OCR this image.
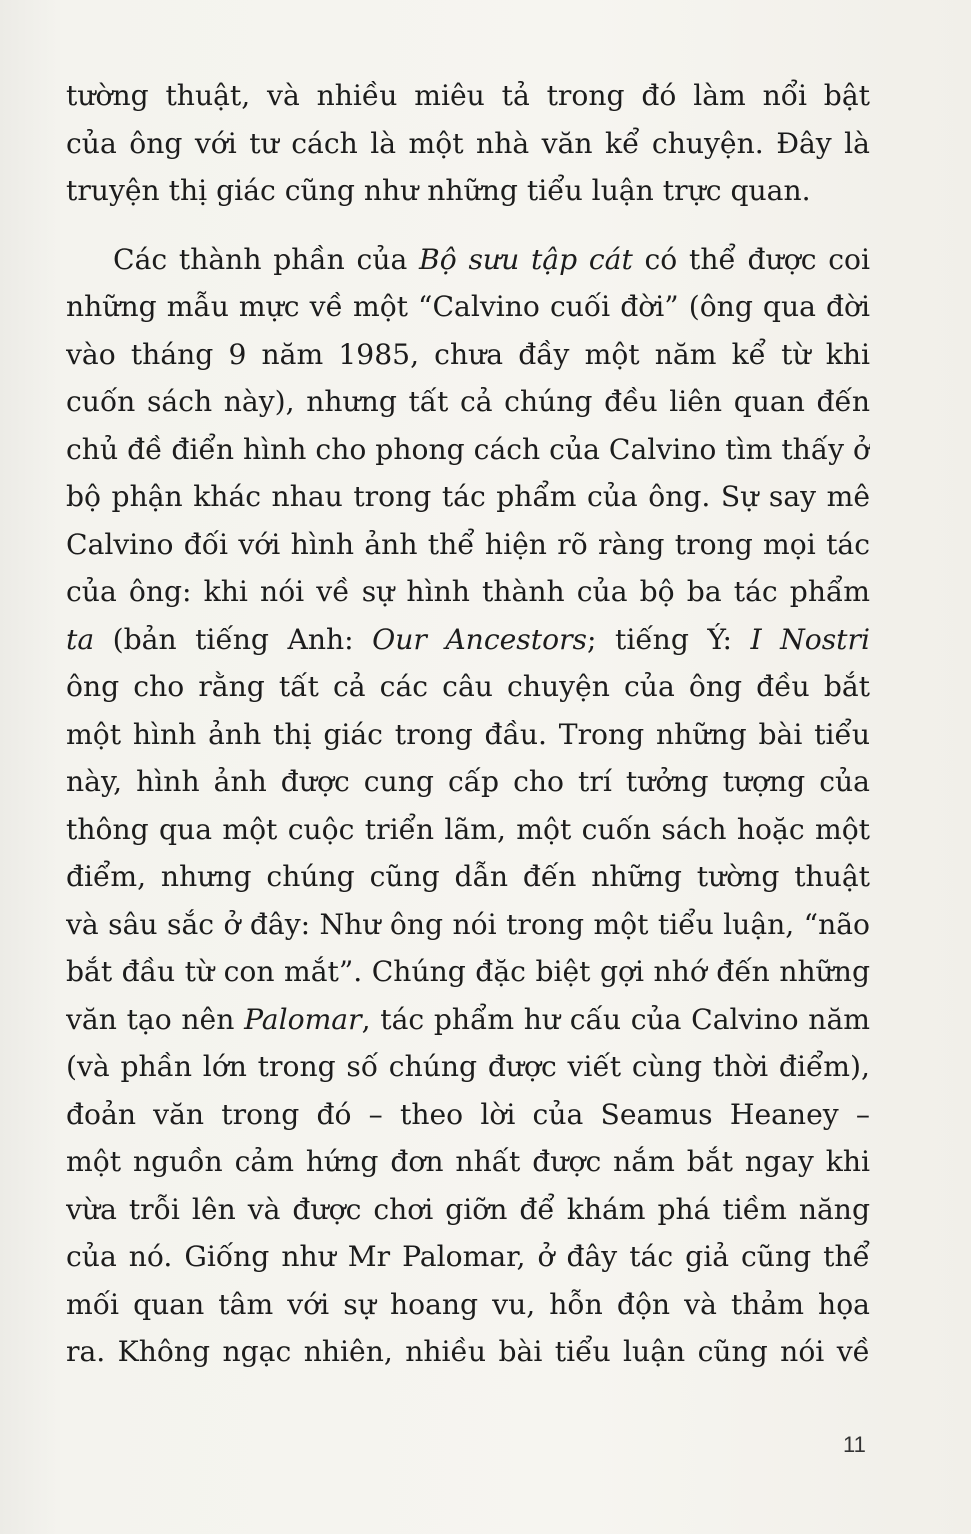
tường thuật, và nhiều miêu tả trong đó làm nổi bật
của ông với tư cách là một nhà văn kể chuyện. Đây là
truyện thị giác cũng như những tiểu luận trực quan.
Các thành phần của Bộ sưu tập cát có thể được coi
những mẫu mực về một “Calvino cuối đời” (ông qua đời
vào tháng 9 năm 1985, chưa đầy một năm kể từ khi
cuốn sách này), nhưng tất cả chúng đều liên quan đến
chủ đề điển hình cho phong cách của Calvino tìm thấy ở
bộ phận khác nhau trong tác phẩm của ông. Sự say mê
Calvino đối với hình ảnh thể hiện rõ ràng trong mọi tác
của ông: khi nói về sự hình thành của bộ ba tác phẩm
ta (bản tiếng Anh: Our Ancestors; tiếng Ý: I Nostri
ông cho rằng tất cả các câu chuyện của ông đều bắt
một hình ảnh thị giác trong đầu. Trong những bài tiểu
này, hình ảnh được cung cấp cho trí tưởng tượng của
thông qua một cuộc triển lãm, một cuốn sách hoặc một
điểm, nhưng chúng cũng dẫn đến những tường thuật
và sâu sắc ở đây: Như ông nói trong một tiểu luận, “não
bắt đầu từ con mắt”. Chúng đặc biệt gợi nhớ đến những
văn tạo nên Palomar, tác phẩm hư cấu của Calvino năm
(và phần lớn trong số chúng được viết cùng thời điểm),
đoản văn trong đó – theo lời của Seamus Heaney –
một nguồn cảm hứng đơn nhất được nắm bắt ngay khi
vừa trỗi lên và được chơi giỡn để khám phá tiềm năng
của nó. Giống như Mr Palomar, ở đây tác giả cũng thể
mối quan tâm với sự hoang vu, hỗn độn và thảm họa
ra. Không ngạc nhiên, nhiều bài tiểu luận cũng nói về
11
